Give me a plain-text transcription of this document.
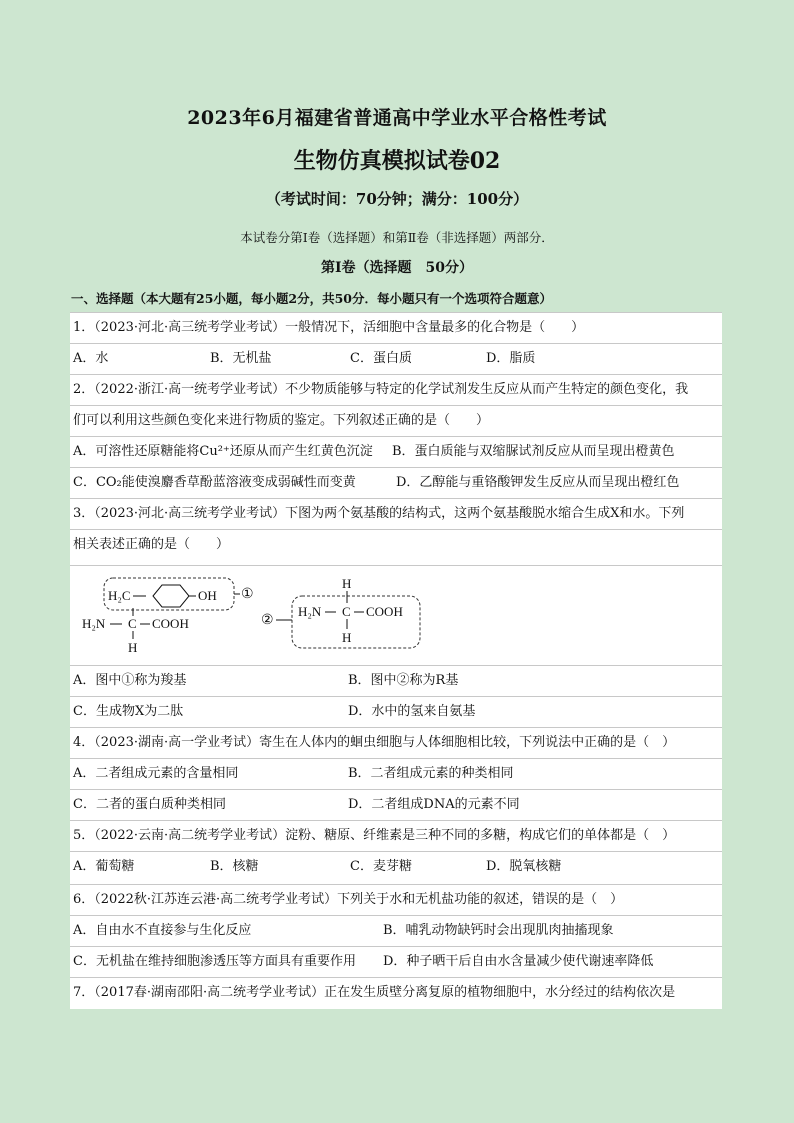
2023年6月福建省普通高中学业水平合格性考试
生物仿真模拟试卷02
（考试时间：70分钟；满分：100分）
本试卷分第Ⅰ卷（选择题）和第Ⅱ卷（非选择题）两部分．
第Ⅰ卷（选择题　50分）
一、选择题（本大题有25小题，每小题2分，共50分．每小题只有一个选项符合题意）
1．（2023·河北·高三统考学业考试）一般情况下，活细胞中含量最多的化合物是（　　）
A．水	B．无机盐	C．蛋白质	D．脂质
2．（2022·浙江·高一统考学业考试）不少物质能够与特定的化学试剂发生反应从而产生特定的颜色变化，我
们可以利用这些颜色变化来进行物质的鉴定。下列叙述正确的是（　　）
A．可溶性还原糖能将Cu²⁺还原从而产生红黄色沉淀 B．蛋白质能与双缩脲试剂反应从而呈现出橙黄色
C．CO₂能使溴麝香草酚蓝溶液变成弱碱性而变黄	D．乙醇能与重铬酸钾发生反应从而呈现出橙红色
3．（2023·河北·高三统考学业考试）下图为两个氨基酸的结构式，这两个氨基酸脱水缩合生成X和水。下列
相关表述正确的是（　　）
H₂C	OH ①
H₂N C COOH
H
②
H
H₂N C COOH
H
A．图中①称为羧基	B．图中②称为R基
C．生成物X为二肽	D．水中的氢来自氨基
4．（2023·湖南·高一学业考试）寄生在人体内的蛔虫细胞与人体细胞相比较，下列说法中正确的是（　）
A．二者组成元素的含量相同	B．二者组成元素的种类相同
C．二者的蛋白质种类相同	D．二者组成DNA的元素不同
5．（2022·云南·高二统考学业考试）淀粉、糖原、纤维素是三种不同的多糖，构成它们的单体都是（　）
A．葡萄糖	B．核糖	C．麦芽糖	D．脱氧核糖
6．（2022秋·江苏连云港·高二统考学业考试）下列关于水和无机盐功能的叙述，错误的是（　）
A．自由水不直接参与生化反应	B．哺乳动物缺钙时会出现肌肉抽搐现象
C．无机盐在维持细胞渗透压等方面具有重要作用 D．种子晒干后自由水含量减少使代谢速率降低
7．（2017春·湖南邵阳·高二统考学业考试）正在发生质壁分离复原的植物细胞中，水分经过的结构依次是
